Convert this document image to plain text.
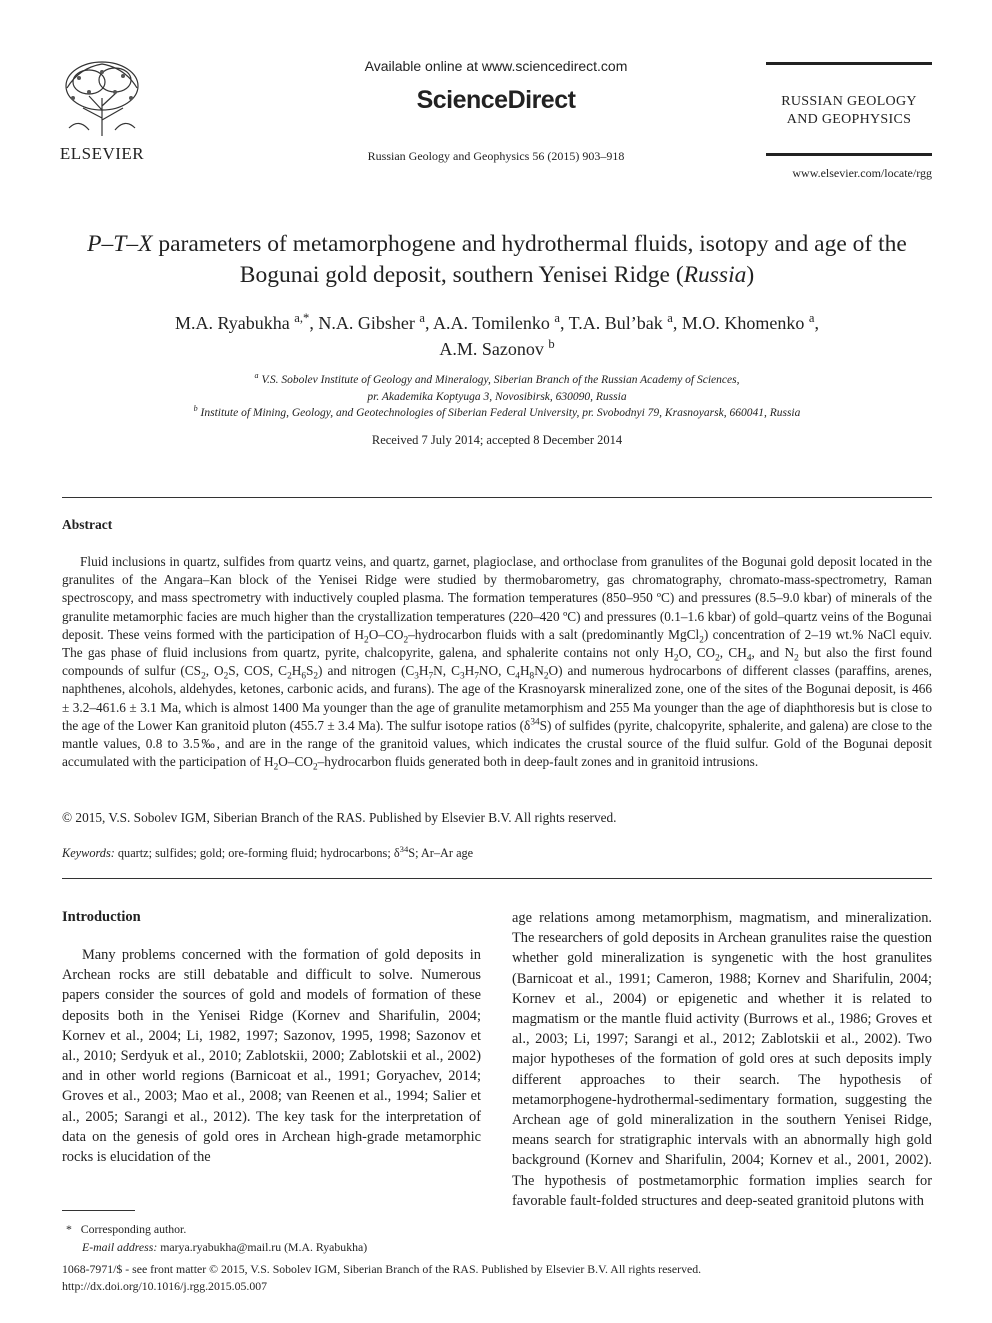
ELSEVIER
Available online at www.sciencedirect.com
ScienceDirect
Russian Geology and Geophysics 56 (2015) 903–918
RUSSIAN GEOLOGY
AND GEOPHYSICS
www.elsevier.com/locate/rgg
P–T–X parameters of metamorphogene and hydrothermal fluids, isotopy and age of the Bogunai gold deposit, southern Yenisei Ridge (Russia)
M.A. Ryabukha $^{a,*}$, N.A. Gibsher $^a$, A.A. Tomilenko $^a$, T.A. Bul’bak $^a$, M.O. Khomenko $^a$,
A.M. Sazonov $^b$
$^a$ V.S. Sobolev Institute of Geology and Mineralogy, Siberian Branch of the Russian Academy of Sciences,
pr. Akademika Koptyuga 3, Novosibirsk, 630090, Russia
$^b$ Institute of Mining, Geology, and Geotechnologies of Siberian Federal University, pr. Svobodnyi 79, Krasnoyarsk, 660041, Russia
Received 7 July 2014; accepted 8 December 2014
Abstract
Fluid inclusions in quartz, sulfides from quartz veins, and quartz, garnet, plagioclase, and orthoclase from granulites of the Bogunai gold deposit located in the granulites of the Angara–Kan block of the Yenisei Ridge were studied by thermobarometry, gas chromatography, chromato-mass-spectrometry, Raman spectroscopy, and mass spectrometry with inductively coupled plasma. The formation temperatures (850–950 ºC) and pressures (8.5–9.0 kbar) of minerals of the granulite metamorphic facies are much higher than the crystallization temperatures (220–420 ºC) and pressures (0.1–1.6 kbar) of gold–quartz veins of the Bogunai deposit. These veins formed with the participation of $H_2O-CO_2$–hydrocarbon fluids with a salt (predominantly MgCl$_2$) concentration of 2–19 wt.% NaCl equiv. The gas phase of fluid inclusions from quartz, pyrite, chalcopyrite, galena, and sphalerite contains not only $H_2O$, $CO_2$, $CH_4$, and $N_2$ but also the first found compounds of sulfur ($CS_2$, $O_2S$, COS, $C_2H_6S_2$) and nitrogen ($C_3H_7N$, $C_3H_7NO$, $C_4H_8N_2O$) and numerous hydrocarbons of different classes (paraffins, arenes, naphthenes, alcohols, aldehydes, ketones, carbonic acids, and furans). The age of the Krasnoyarsk mineralized zone, one of the sites of the Bogunai deposit, is 466 ± 3.2–461.6 ± 3.1 Ma, which is almost 1400 Ma younger than the age of granulite metamorphism and 255 Ma younger than the age of diaphthoresis but is close to the age of the Lower Kan granitoid pluton (455.7 ± 3.4 Ma). The sulfur isotope ratios $(\delta^{34}S)$ of sulfides (pyrite, chalcopyrite, sphalerite, and galena) are close to the mantle values, 0.8 to 3.5‰, and are in the range of the granitoid values, which indicates the crustal source of the fluid sulfur. Gold of the Bogunai deposit accumulated with the participation of $H_2O-CO_2$–hydrocarbon fluids generated both in deep-fault zones and in granitoid intrusions.
© 2015, V.S. Sobolev IGM, Siberian Branch of the RAS. Published by Elsevier B.V. All rights reserved.
Keywords: quartz; sulfides; gold; ore-forming fluid; hydrocarbons; $\delta^{34}S$; Ar–Ar age
Introduction
Many problems concerned with the formation of gold deposits in Archean rocks are still debatable and difficult to solve. Numerous papers consider the sources of gold and models of formation of these deposits both in the Yenisei Ridge (Kornev and Sharifulin, 2004; Kornev et al., 2004; Li, 1982, 1997; Sazonov, 1995, 1998; Sazonov et al., 2010; Serdyuk et al., 2010; Zablotskii, 2000; Zablotskii et al., 2002) and in other world regions (Barnicoat et al., 1991; Goryachev, 2014; Groves et al., 2003; Mao et al., 2008; van Reenen et al., 1994; Salier et al., 2005; Sarangi et al., 2012). The key task for the interpretation of data on the genesis of gold ores in Archean high-grade metamorphic rocks is elucidation of the
age relations among metamorphism, magmatism, and mineralization. The researchers of gold deposits in Archean granulites raise the question whether gold mineralization is syngenetic with the host granulites (Barnicoat et al., 1991; Cameron, 1988; Kornev and Sharifulin, 2004; Kornev et al., 2004) or epigenetic and whether it is related to magmatism or the mantle fluid activity (Burrows et al., 1986; Groves et al., 2003; Li, 1997; Sarangi et al., 2012; Zablotskii et al., 2002). Two major hypotheses of the formation of gold ores at such deposits imply different approaches to their search. The hypothesis of metamorphogene-hydrothermal-sedimentary formation, suggesting the Archean age of gold mineralization in the southern Yenisei Ridge, means search for stratigraphic intervals with an abnormally high gold background (Kornev and Sharifulin, 2004; Kornev et al., 2001, 2002). The hypothesis of postmetamorphic formation implies search for favorable fault-folded structures and deep-seated granitoid plutons with
* Corresponding author.
E-mail address: marya.ryabukha@mail.ru (M.A. Ryabukha)
1068-7971/$ - see front matter © 2015, V.S. Sobolev IGM, Siberian Branch of the RAS. Published by Elsevier B.V. All rights reserved.
http://dx.doi.org/10.1016/j.rgg.2015.05.007
